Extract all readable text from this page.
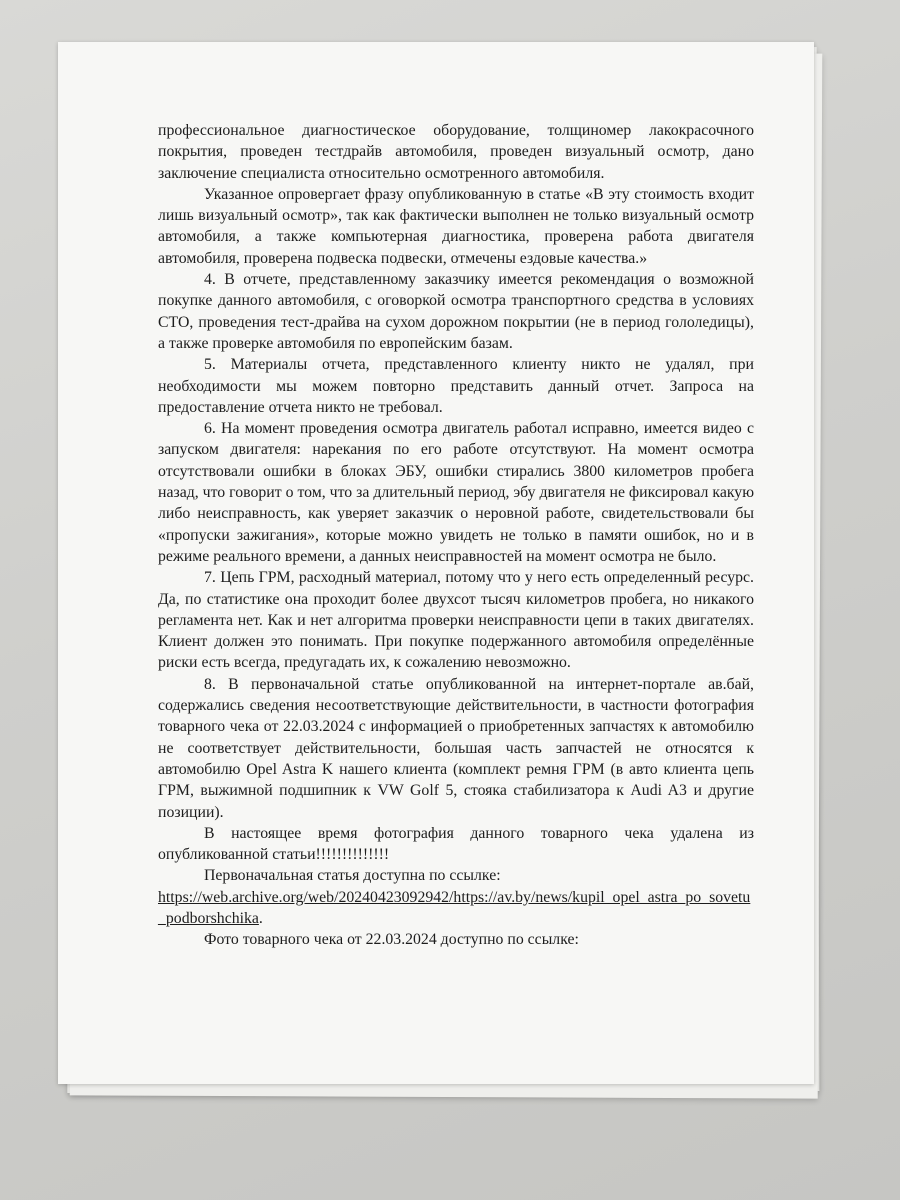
профессиональное диагностическое оборудование, толщиномер лакокрасочного покрытия, проведен тестдрайв автомобиля, проведен визуальный осмотр, дано заключение специалиста относительно осмотренного автомобиля.

Указанное опровергает фразу опубликованную в статье «В эту стоимость входит лишь визуальный осмотр», так как фактически выполнен не только визуальный осмотр автомобиля, а также компьютерная диагностика, проверена работа двигателя автомобиля, проверена подвеска подвески, отмечены ездовые качества.»

4. В отчете, представленному заказчику имеется рекомендация о возможной покупке данного автомобиля, с оговоркой осмотра транспортного средства в условиях СТО, проведения тест-драйва на сухом дорожном покрытии (не в период гололедицы), а также проверке автомобиля по европейским базам.

5. Материалы отчета, представленного клиенту никто не удалял, при необходимости мы можем повторно представить данный отчет. Запроса на предоставление отчета никто не требовал.

6. На момент проведения осмотра двигатель работал исправно, имеется видео с запуском двигателя: нарекания по его работе отсутствуют. На момент осмотра отсутствовали ошибки в блоках ЭБУ, ошибки стирались 3800 километров пробега назад, что говорит о том, что за длительный период, эбу двигателя не фиксировал какую либо неисправность, как уверяет заказчик о неровной работе, свидетельствовали бы «пропуски зажигания», которые можно увидеть не только в памяти ошибок, но и в режиме реального времени, а данных неисправностей на момент осмотра не было.

7. Цепь ГРМ, расходный материал, потому что у него есть определенный ресурс. Да, по статистике она проходит более двухсот тысяч километров пробега, но никакого регламента нет. Как и нет алгоритма проверки неисправности цепи в таких двигателях. Клиент должен это понимать. При покупке подержанного автомобиля определённые риски есть всегда, предугадать их, к сожалению невозможно.

8. В первоначальной статье опубликованной на интернет-портале ав.бай, содержались сведения несоответствующие действительности, в частности фотография товарного чека от 22.03.2024 с информацией о приобретенных запчастях к автомобилю не соответствует действительности, большая часть запчастей не относятся к автомобилю Opel Astra K нашего клиента (комплект ремня ГРМ (в авто клиента цепь ГРМ, выжимной подшипник к VW Golf 5, стояка стабилизатора к Audi A3 и другие позиции).

В настоящее время фотография данного товарного чека удалена из опубликованной статьи!!!!!!!!!!!!!!

Первоначальная статья доступна по ссылке:

https://web.archive.org/web/20240423092942/https://av.by/news/kupil_opel_astra_po_sovetu_podborshchika.

Фото товарного чека от 22.03.2024 доступно по ссылке:
